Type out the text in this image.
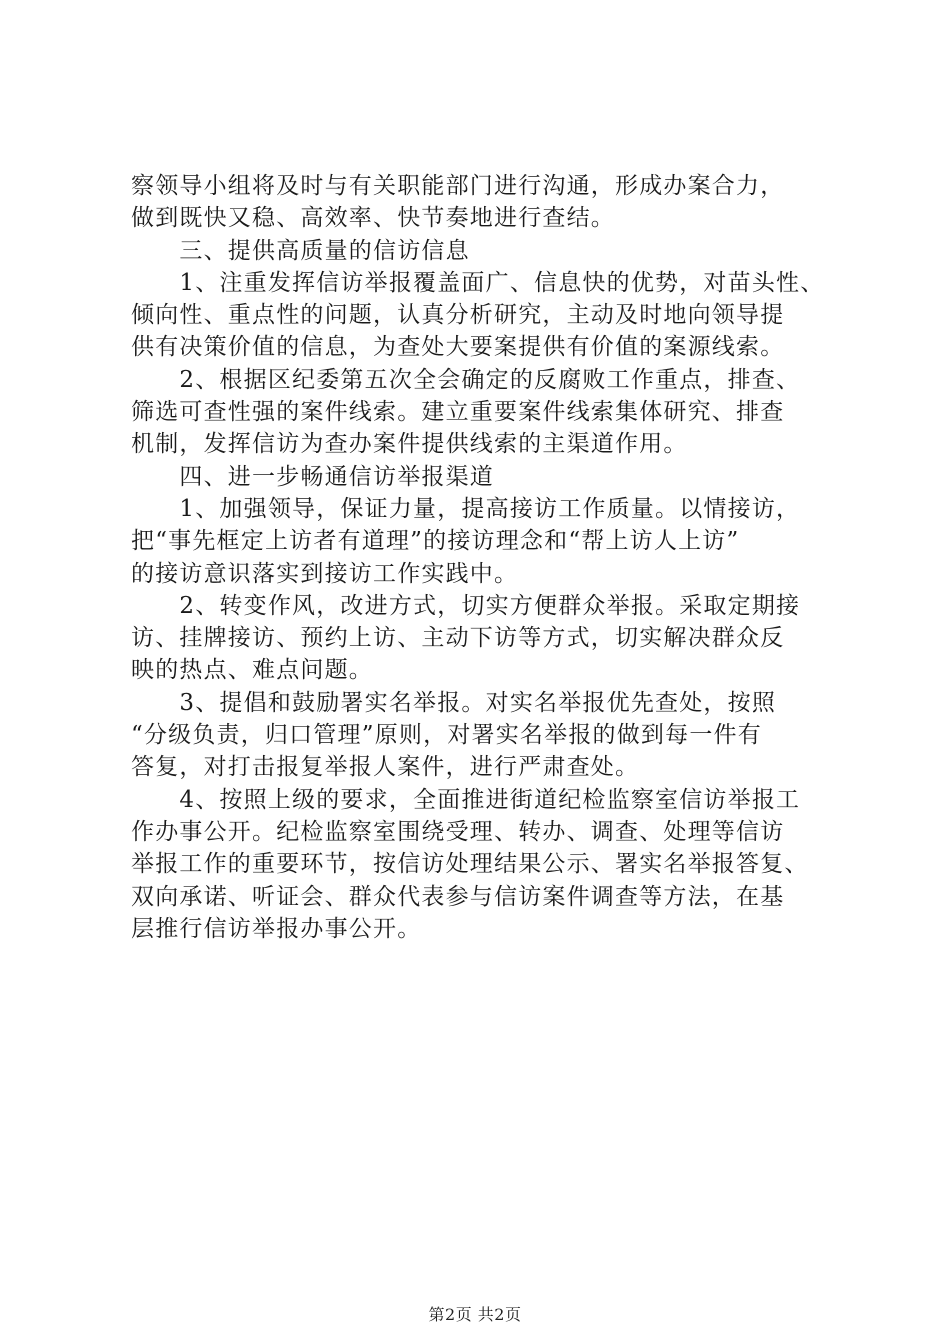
察领导小组将及时与有关职能部门进行沟通，形成办案合力，
做到既快又稳、高效率、快节奏地进行查结。
　　三、提供高质量的信访信息
　　1、注重发挥信访举报覆盖面广、信息快的优势，对苗头性、
倾向性、重点性的问题，认真分析研究，主动及时地向领导提
供有决策价值的信息，为查处大要案提供有价值的案源线索。
　　2、根据区纪委第五次全会确定的反腐败工作重点，排查、
筛选可查性强的案件线索。建立重要案件线索集体研究、排查
机制，发挥信访为查办案件提供线索的主渠道作用。
　　四、进一步畅通信访举报渠道
　　1、加强领导，保证力量，提高接访工作质量。以情接访，
把“事先框定上访者有道理”的接访理念和“帮上访人上访”
的接访意识落实到接访工作实践中。
　　2、转变作风，改进方式，切实方便群众举报。采取定期接
访、挂牌接访、预约上访、主动下访等方式，切实解决群众反
映的热点、难点问题。
　　3、提倡和鼓励署实名举报。对实名举报优先查处，按照
“分级负责，归口管理”原则，对署实名举报的做到每一件有
答复，对打击报复举报人案件，进行严肃查处。
　　4、按照上级的要求，全面推进街道纪检监察室信访举报工
作办事公开。纪检监察室围绕受理、转办、调查、处理等信访
举报工作的重要环节，按信访处理结果公示、署实名举报答复、
双向承诺、听证会、群众代表参与信访案件调查等方法，在基
层推行信访举报办事公开。
第2页 共2页
